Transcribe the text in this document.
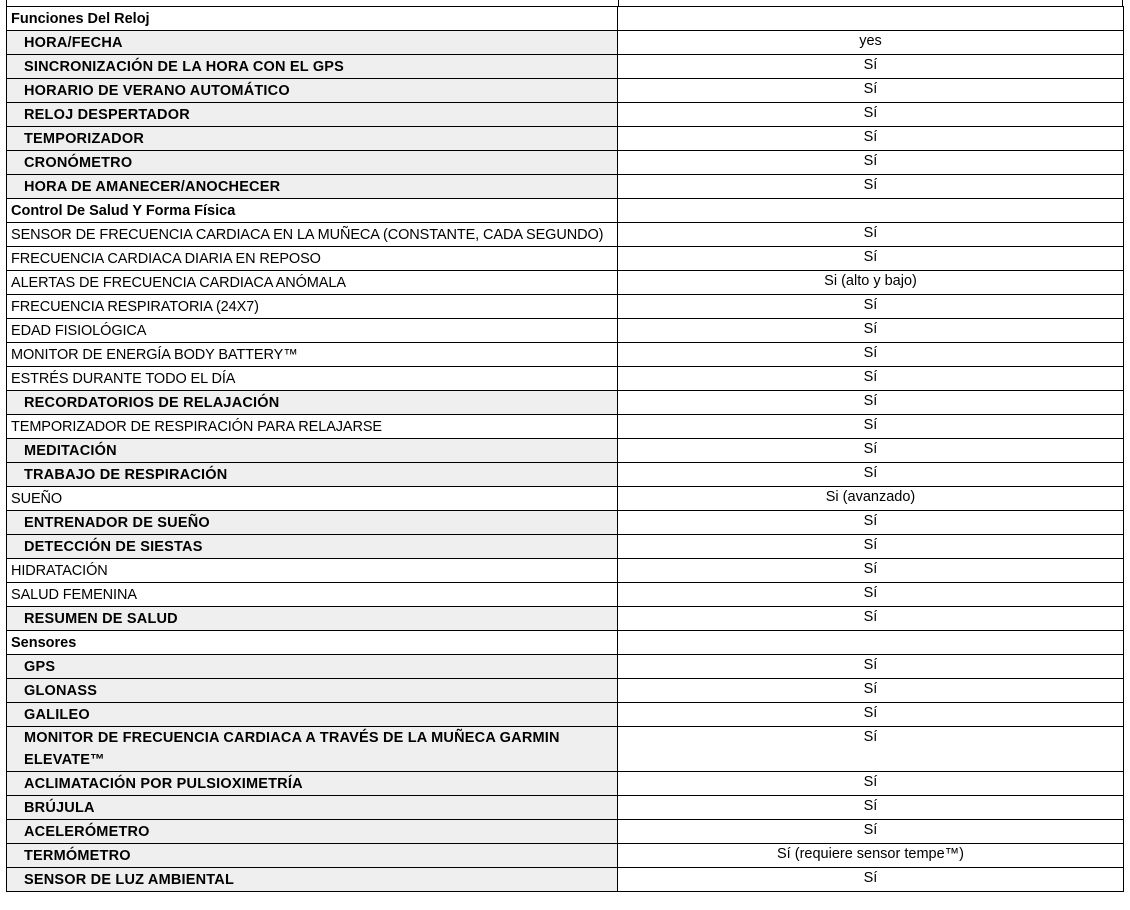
Funciones Del Reloj	
HORA/FECHA	yes
SINCRONIZACIÓN DE LA HORA CON EL GPS	Sí
HORARIO DE VERANO AUTOMÁTICO	Sí
RELOJ DESPERTADOR	Sí
TEMPORIZADOR	Sí
CRONÓMETRO	Sí
HORA DE AMANECER/ANOCHECER	Sí
Control De Salud Y Forma Física	
SENSOR DE FRECUENCIA CARDIACA EN LA MUÑECA (CONSTANTE, CADA SEGUNDO)	Sí
FRECUENCIA CARDIACA DIARIA EN REPOSO	Sí
ALERTAS DE FRECUENCIA CARDIACA ANÓMALA	Si (alto y bajo)
FRECUENCIA RESPIRATORIA (24X7)	Sí
EDAD FISIOLÓGICA	Sí
MONITOR DE ENERGÍA BODY BATTERY™	Sí
ESTRÉS DURANTE TODO EL DÍA	Sí
RECORDATORIOS DE RELAJACIÓN	Sí
TEMPORIZADOR DE RESPIRACIÓN PARA RELAJARSE	Sí
MEDITACIÓN	Sí
TRABAJO DE RESPIRACIÓN	Sí
SUEÑO	Si (avanzado)
ENTRENADOR DE SUEÑO	Sí
DETECCIÓN DE SIESTAS	Sí
HIDRATACIÓN	Sí
SALUD FEMENINA	Sí
RESUMEN DE SALUD	Sí
Sensores	
GPS	Sí
GLONASS	Sí
GALILEO	Sí
MONITOR DE FRECUENCIA CARDIACA A TRAVÉS DE LA MUÑECA GARMIN ELEVATE™	Sí
ACLIMATACIÓN POR PULSIOXIMETRÍA	Sí
BRÚJULA	Sí
ACELERÓMETRO	Sí
TERMÓMETRO	Sí (requiere sensor tempe™)
SENSOR DE LUZ AMBIENTAL	Sí
